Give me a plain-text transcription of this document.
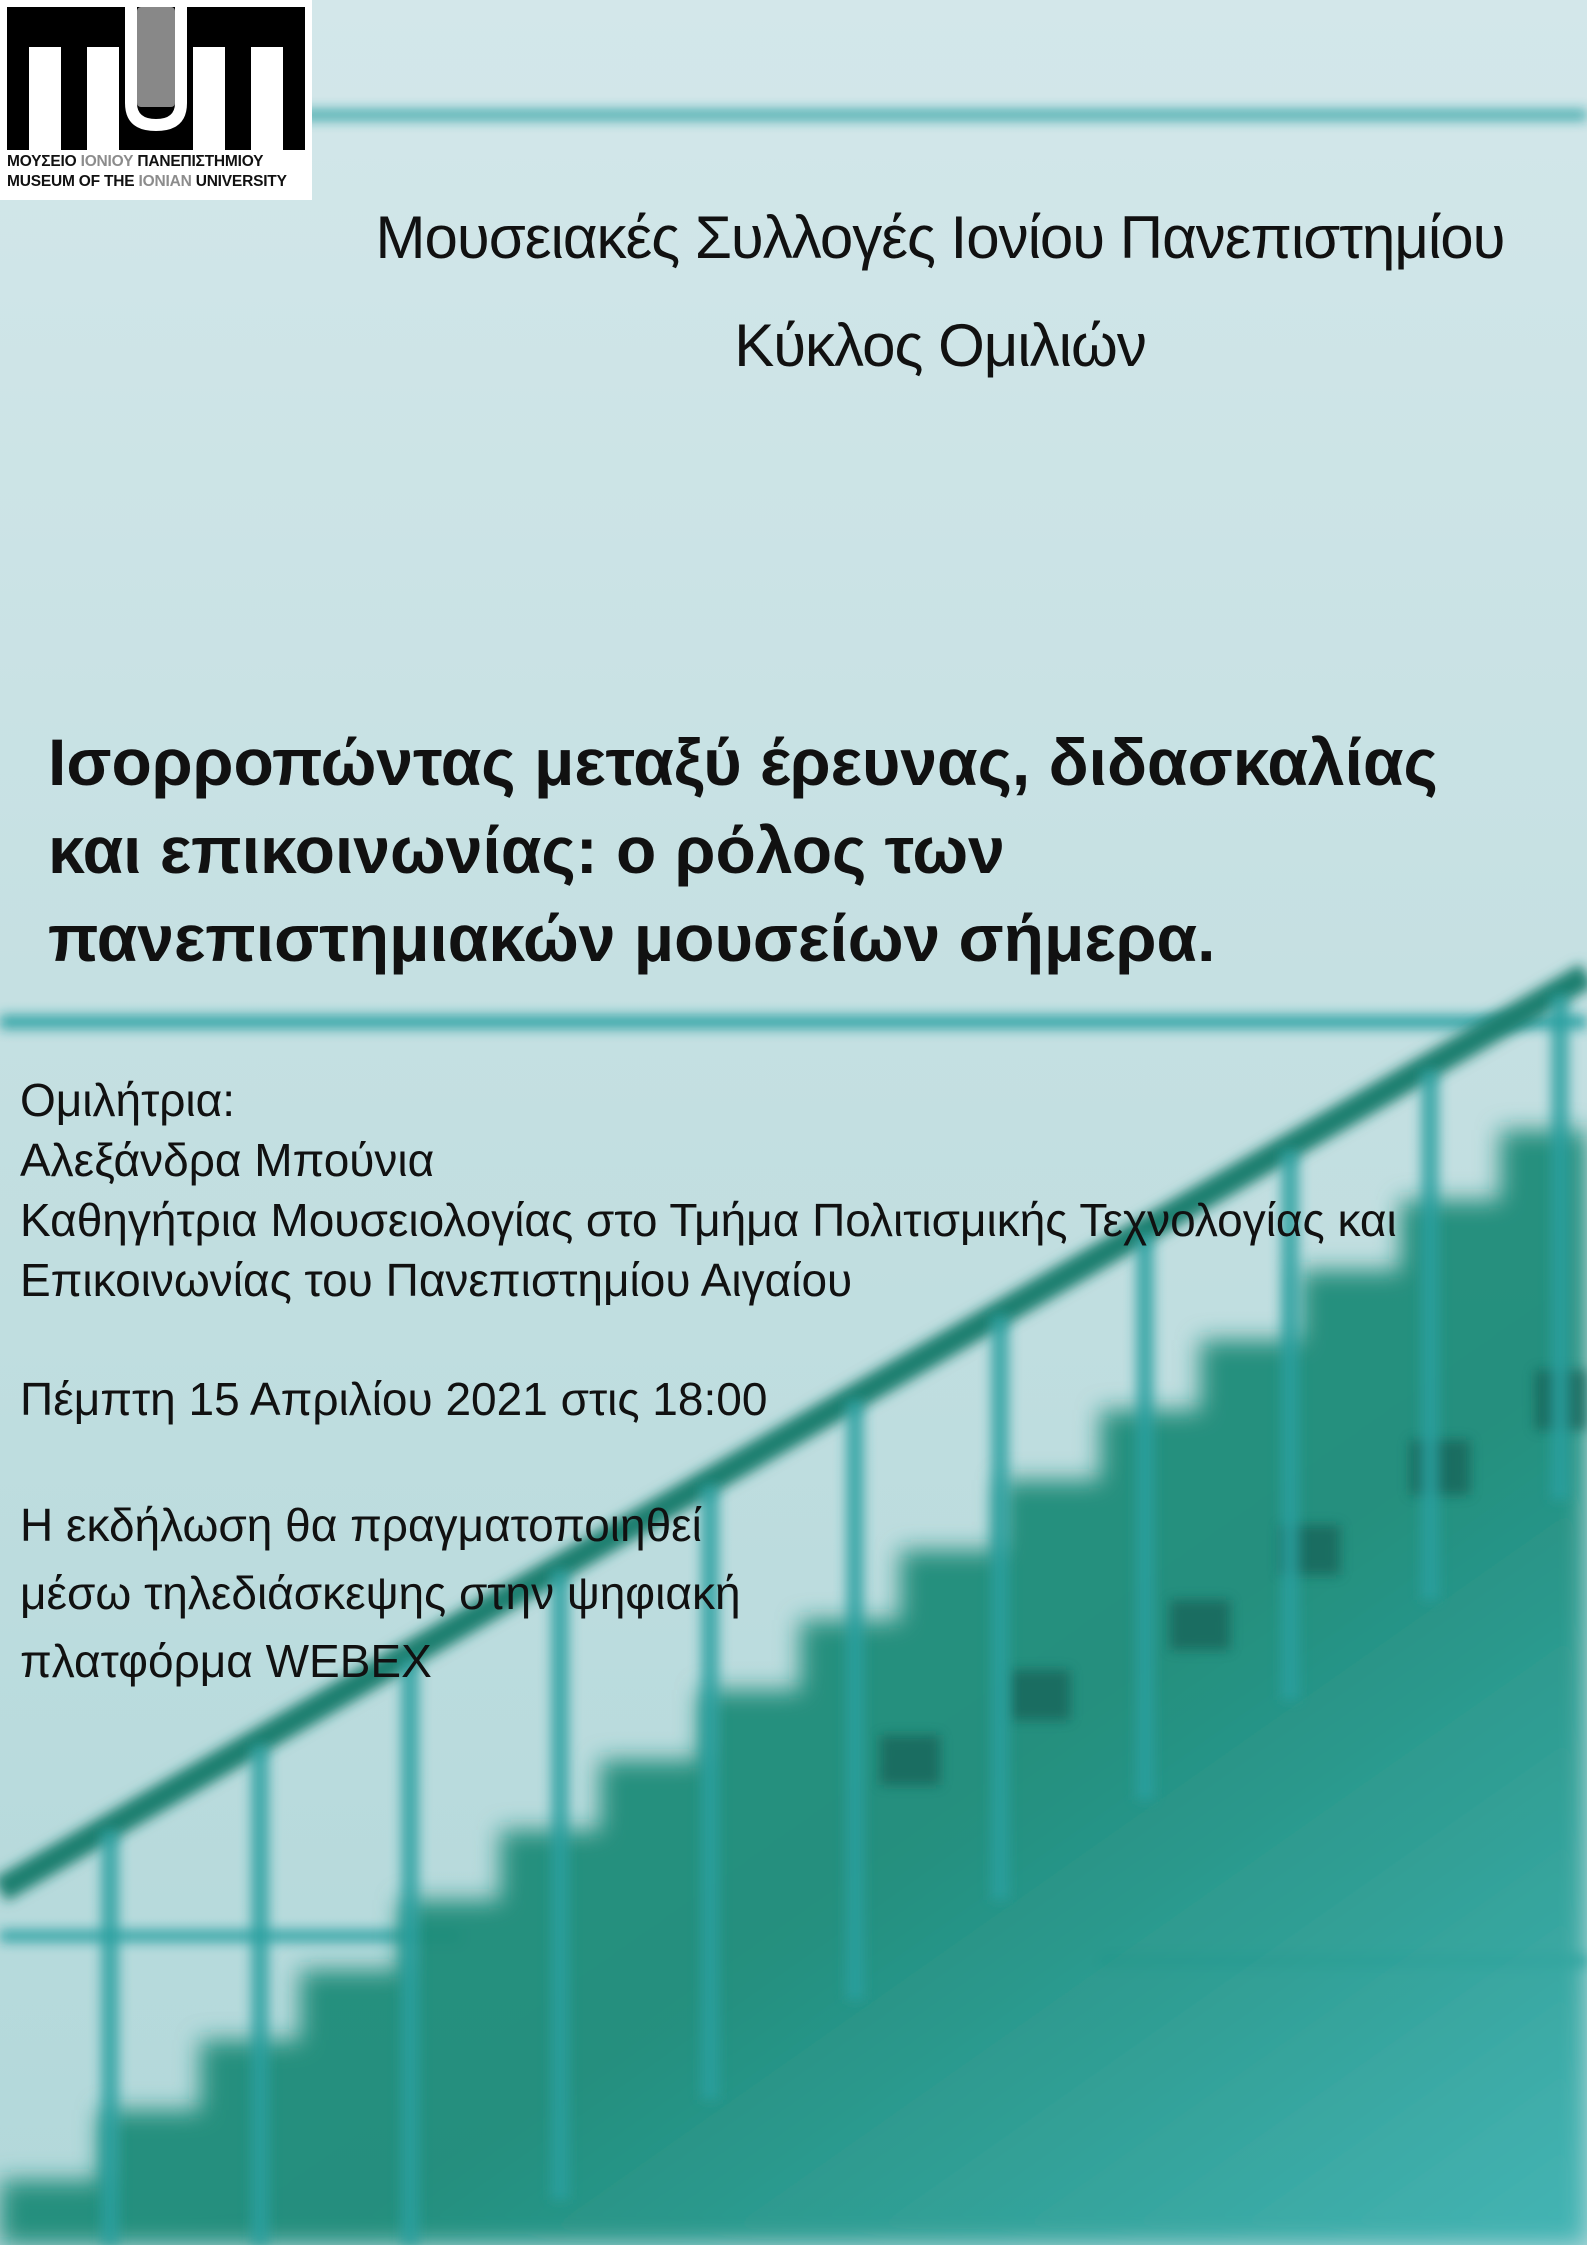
ΜΟΥΣΕΙΟ ΙΟΝΙΟΥ ΠΑΝΕΠΙΣΤΗΜΙΟΥ
MUSEUM OF THE IONIAN UNIVERSITY
Μουσειακές Συλλογές Ιονίου Πανεπιστημίου
Κύκλος Ομιλιών
Ισορροπώντας μεταξύ έρευνας, διδασκαλίας
και επικοινωνίας: ο ρόλος των
πανεπιστημιακών μουσείων σήμερα.
Ομιλήτρια:
Αλεξάνδρα Μπούνια
Καθηγήτρια Μουσειολογίας στο Τμήμα Πολιτισμικής Τεχνολογίας και
Επικοινωνίας του Πανεπιστημίου Αιγαίου
Πέμπτη 15 Απριλίου 2021 στις 18:00
Η εκδήλωση θα πραγματοποιηθεί
μέσω τηλεδιάσκεψης στην ψηφιακή
πλατφόρμα WEBEX
